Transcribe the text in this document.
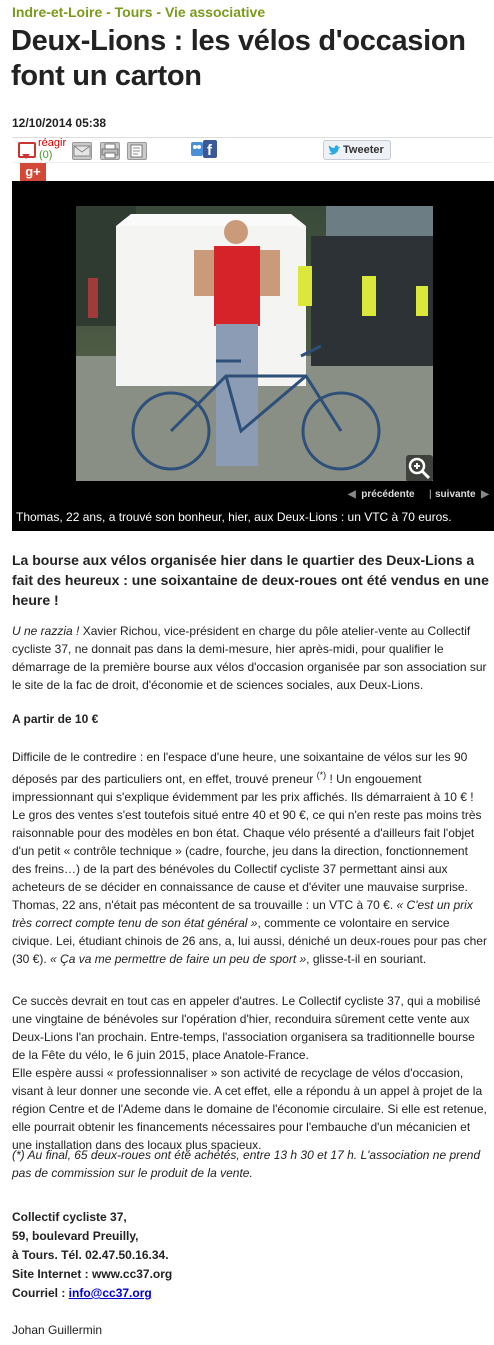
Indre-et-Loire - Tours - Vie associative
Deux-Lions : les vélos d'occasion font un carton
12/10/2014 05:38
réagir
(0)	f	Tweeter
g+
◀ précédente | suivante ▶
Thomas, 22 ans, a trouvé son bonheur, hier, aux Deux-Lions : un VTC à 70 euros.
La bourse aux vélos organisée hier dans le quartier des Deux-Lions a fait des heureux : une soixantaine de deux-roues ont été vendus en une heure !
U ne razzia ! Xavier Richou, vice-président en charge du pôle atelier-vente au Collectif cycliste 37, ne donnait pas dans la demi-mesure, hier après-midi, pour qualifier le démarrage de la première bourse aux vélos d'occasion organisée par son association sur le site de la fac de droit, d'économie et de sciences sociales, aux Deux-Lions.
A partir de 10 €
Difficile de le contredire : en l'espace d'une heure, une soixantaine de vélos sur les 90 déposés par des particuliers ont, en effet, trouvé preneur (*) ! Un engouement impressionnant qui s'explique évidemment par les prix affichés. Ils démarraient à 10 € ! Le gros des ventes s'est toutefois situé entre 40 et 90 €, ce qui n'en reste pas moins très raisonnable pour des modèles en bon état. Chaque vélo présenté a d'ailleurs fait l'objet d'un petit « contrôle technique » (cadre, fourche, jeu dans la direction, fonctionnement des freins…) de la part des bénévoles du Collectif cycliste 37 permettant ainsi aux acheteurs de se décider en connaissance de cause et d'éviter une mauvaise surprise. Thomas, 22 ans, n'était pas mécontent de sa trouvaille : un VTC à 70 €. « C'est un prix très correct compte tenu de son état général », commente ce volontaire en service civique. Lei, étudiant chinois de 26 ans, a, lui aussi, déniché un deux-roues pour pas cher (30 €). « Ça va me permettre de faire un peu de sport », glisse-t-il en souriant.
Ce succès devrait en tout cas en appeler d'autres. Le Collectif cycliste 37, qui a mobilisé une vingtaine de bénévoles sur l'opération d'hier, reconduira sûrement cette vente aux Deux-Lions l'an prochain. Entre-temps, l'association organisera sa traditionnelle bourse de la Fête du vélo, le 6 juin 2015, place Anatole-France.
Elle espère aussi « professionnaliser » son activité de recyclage de vélos d'occasion, visant à leur donner une seconde vie. A cet effet, elle a répondu à un appel à projet de la région Centre et de l'Ademe dans le domaine de l'économie circulaire. Si elle est retenue, elle pourrait obtenir les financements nécessaires pour l'embauche d'un mécanicien et une installation dans des locaux plus spacieux.
(*) Au final, 65 deux-roues ont été achetés, entre 13 h 30 et 17 h. L'association ne prend pas de commission sur le produit de la vente.
Collectif cycliste 37,
59, boulevard Preuilly,
à Tours. Tél. 02.47.50.16.34.
Site Internet : www.cc37.org
Courriel : info@cc37.org
Johan Guillermin
